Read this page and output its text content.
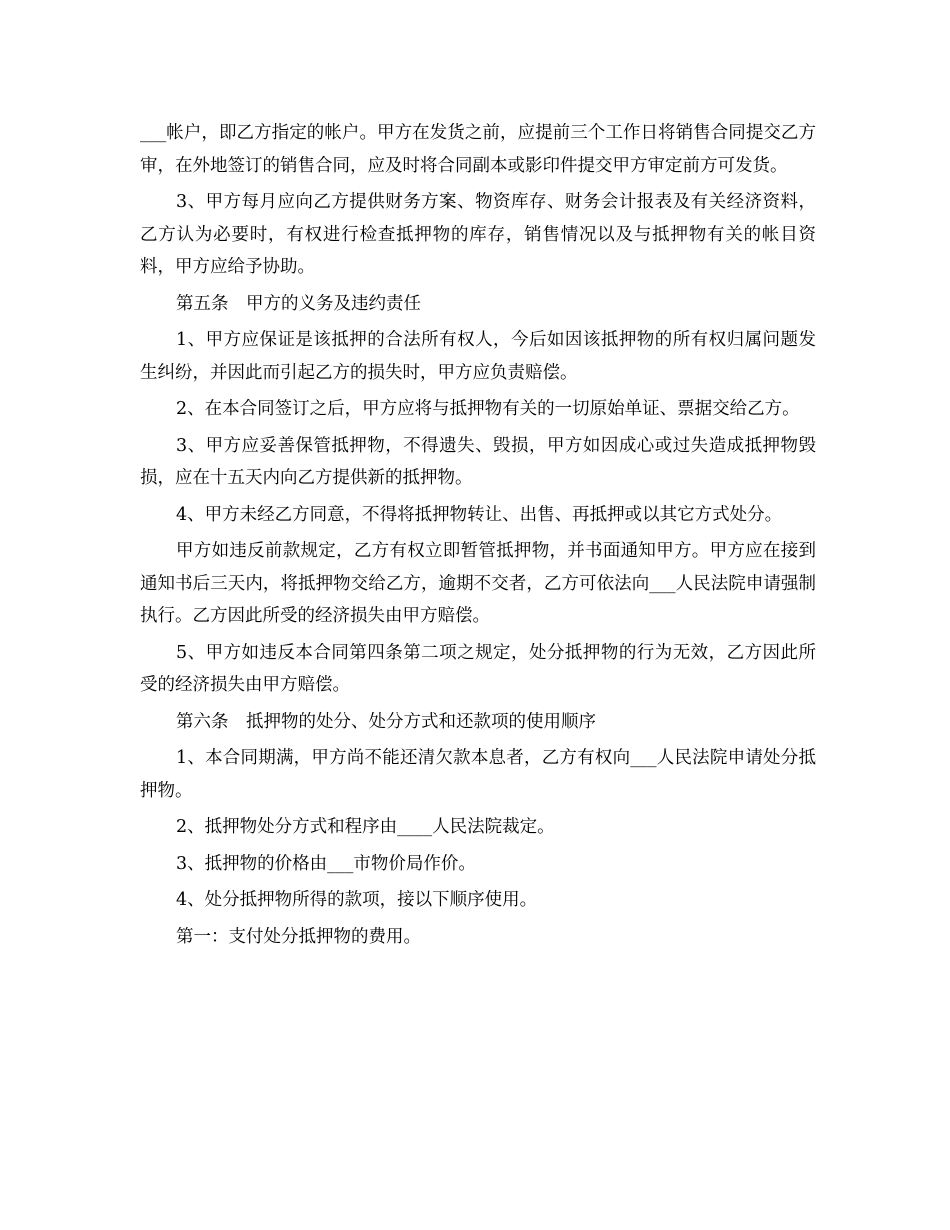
___帐户，即乙方指定的帐户。甲方在发货之前，应提前三个工作日将销售合同提交乙方审，在外地签订的销售合同，应及时将合同副本或影印件提交甲方审定前方可发货。

3、甲方每月应向乙方提供财务方案、物资库存、财务会计报表及有关经济资料，乙方认为必要时，有权进行检查抵押物的库存，销售情况以及与抵押物有关的帐目资料，甲方应给予协助。

第五条　甲方的义务及违约责任

1、甲方应保证是该抵押的合法所有权人，今后如因该抵押物的所有权归属问题发生纠纷，并因此而引起乙方的损失时，甲方应负责赔偿。

2、在本合同签订之后，甲方应将与抵押物有关的一切原始单证、票据交给乙方。

3、甲方应妥善保管抵押物，不得遗失、毁损，甲方如因成心或过失造成抵押物毁损，应在十五天内向乙方提供新的抵押物。

4、甲方未经乙方同意，不得将抵押物转让、出售、再抵押或以其它方式处分。

甲方如违反前款规定，乙方有权立即暂管抵押物，并书面通知甲方。甲方应在接到通知书后三天内，将抵押物交给乙方，逾期不交者，乙方可依法向___人民法院申请强制执行。乙方因此所受的经济损失由甲方赔偿。

5、甲方如违反本合同第四条第二项之规定，处分抵押物的行为无效，乙方因此所受的经济损失由甲方赔偿。

第六条　抵押物的处分、处分方式和还款项的使用顺序

1、本合同期满，甲方尚不能还清欠款本息者，乙方有权向___人民法院申请处分抵押物。

2、抵押物处分方式和程序由____人民法院裁定。

3、抵押物的价格由___市物价局作价。

4、处分抵押物所得的款项，接以下顺序使用。

第一：支付处分抵押物的费用。
